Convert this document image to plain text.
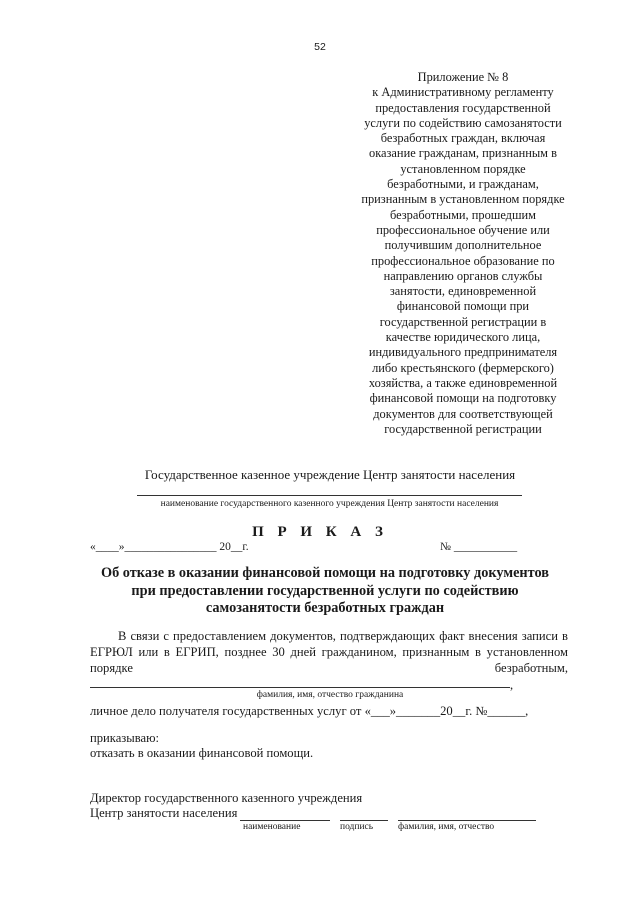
52
Приложение № 8
к Административному регламенту
предоставления государственной
услуги по содействию самозанятости
безработных граждан, включая
оказание гражданам, признанным в
установленном порядке
безработными, и гражданам,
признанным в установленном порядке
безработными, прошедшим
профессиональное обучение или
получившим дополнительное
профессиональное образование по
направлению органов службы
занятости, единовременной
финансовой помощи при
государственной регистрации в
качестве юридического лица,
индивидуального предпринимателя
либо крестьянского (фермерского)
хозяйства, а также единовременной
финансовой помощи на подготовку
документов для соответствующей
государственной регистрации
Государственное казенное учреждение Центр занятости населения
наименование государственного казенного учреждения Центр занятости населения
П Р И К А З
«____»________________ 20__г.	№ ___________
Об отказе в оказании финансовой помощи на подготовку документов
при предоставлении государственной услуги по содействию
самозанятости безработных граждан
В связи с предоставлением документов, подтверждающих факт внесения записи в
ЕГРЮЛ или в ЕГРИП, позднее 30 дней гражданином, признанным в установленном
порядке	безработным,
,
фамилия, имя, отчество гражданина
личное дело получателя государственных услуг от «___»_______20__г. №______,
приказываю:
отказать в оказании финансовой помощи.
Директор государственного казенного учреждения
Центр занятости населения
наименование	подпись	фамилия, имя, отчество
